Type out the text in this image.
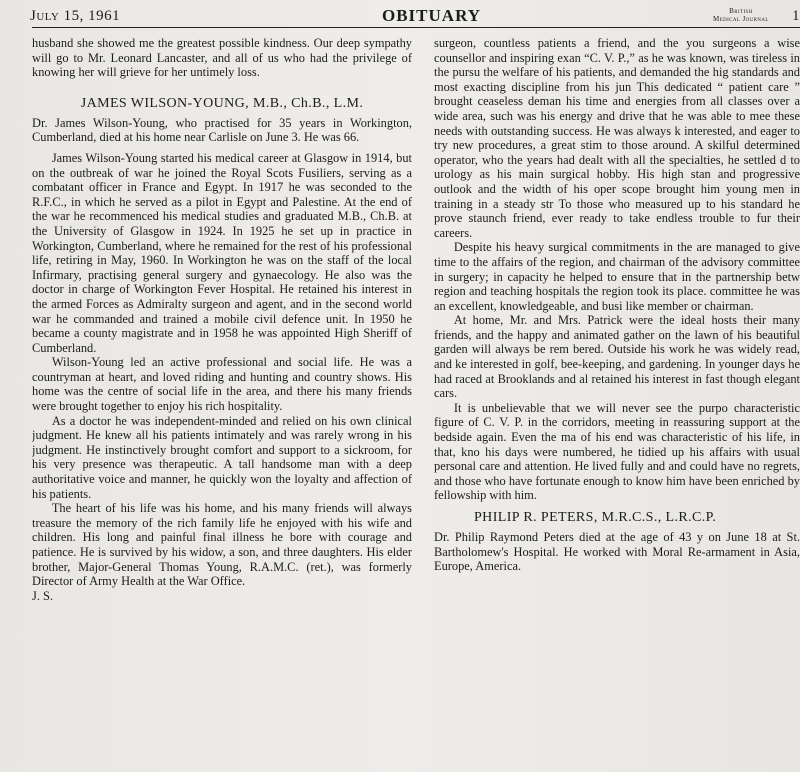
July 15, 1961	OBITUARY	British
Medical Journal 1

husband she showed me the greatest possible kindness. Our deep sympathy will go to Mr. Leonard Lancaster, and all of us who had the privilege of knowing her will grieve for her untimely loss.

JAMES WILSON-YOUNG, M.B., Ch.B., L.M.

Dr. James Wilson-Young, who practised for 35 years in Workington, Cumberland, died at his home near Carlisle on June 3. He was 66.

James Wilson-Young started his medical career at Glasgow in 1914, but on the outbreak of war he joined the Royal Scots Fusiliers, serving as a combatant officer in France and Egypt. In 1917 he was seconded to the R.F.C., in which he served as a pilot in Egypt and Palestine. At the end of the war he recommenced his medical studies and graduated M.B., Ch.B. at the University of Glasgow in 1924. In 1925 he set up in practice in Workington, Cumberland, where he remained for the rest of his professional life, retiring in May, 1960. In Workington he was on the staff of the local Infirmary, practising general surgery and gynaecology. He also was the doctor in charge of Workington Fever Hospital. He retained his interest in the armed Forces as Admiralty surgeon and agent, and in the second world war he commanded and trained a mobile civil defence unit. In 1950 he became a county magistrate and in 1958 he was appointed High Sheriff of Cumberland.

Wilson-Young led an active professional and social life. He was a countryman at heart, and loved riding and hunting and country shows. His home was the centre of social life in the area, and there his many friends were brought together to enjoy his rich hospitality.

As a doctor he was independent-minded and relied on his own clinical judgment. He knew all his patients intimately and was rarely wrong in his judgment. He instinctively brought comfort and support to a sickroom, for his very presence was therapeutic. A tall handsome man with a deep authoritative voice and manner, he quickly won the loyalty and affection of his patients.

The heart of his life was his home, and his many friends will always treasure the memory of the rich family life he enjoyed with his wife and children. His long and painful final illness he bore with courage and patience. He is survived by his widow, a son, and three daughters. His elder brother, Major-General Thomas Young, R.A.M.C. (ret.), was formerly Director of Army Health at the War Office.

J. S.

surgeon, countless patients a friend, and the you surgeons a wise counsellor and inspiring exan “C. V. P.,” as he was known, was tireless in the pursu the welfare of his patients, and demanded the hig standards and most exacting discipline from his jun This dedicated “ patient care ” brought ceaseless deman his time and energies from all classes over a wide area, such was his energy and drive that he was able to mee these needs with outstanding success. He was always k interested, and eager to try new procedures, a great stim to those around. A skilful determined operator, who the years had dealt with all the specialties, he settled d to urology as his main surgical hobby. His high stan and progressive outlook and the width of his oper scope brought him young men in training in a steady str To those who measured up to his standard he prove staunch friend, ever ready to take endless trouble to fur their careers.

Despite his heavy surgical commitments in the are managed to give time to the affairs of the region, and chairman of the advisory committee in surgery; in capacity he helped to ensure that in the partnership betw region and teaching hospitals the region took its place. committee he was an excellent, knowledgeable, and busi like member or chairman.

At home, Mr. and Mrs. Patrick were the ideal hosts their many friends, and the happy and animated gather on the lawn of his beautiful garden will always be rem bered. Outside his work he was widely read, and ke interested in golf, bee-keeping, and gardening. In younger days he had raced at Brooklands and al retained his interest in fast though elegant cars.

It is unbelievable that we will never see the purpo characteristic figure of C. V. P. in the corridors, meeting in reassuring support at the bedside again. Even the ma of his end was characteristic of his life, in that, kno his days were numbered, he tidied up his affairs with usual personal care and attention. He lived fully and and could have no regrets, and those who have fortunate enough to know him have been enriched by fellowship with him.

PHILIP R. PETERS, M.R.C.S., L.R.C.P.

Dr. Philip Raymond Peters died at the age of 43 y on June 18 at St. Bartholomew's Hospital. He worked with Moral Re-armament in Asia, Europe, America.
